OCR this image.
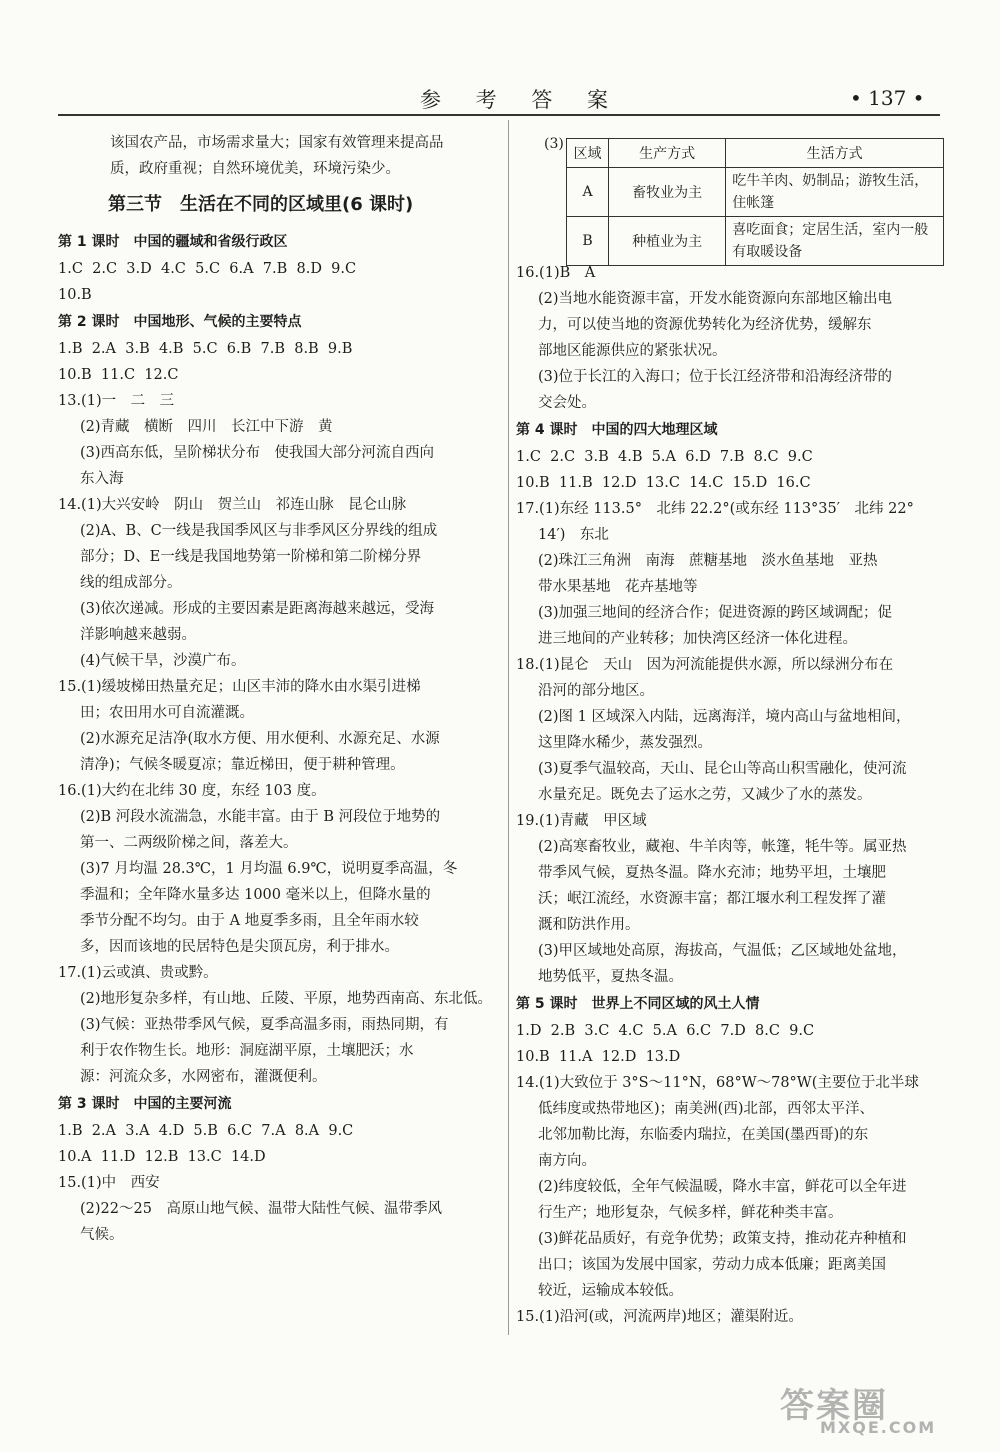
参 考 答 案	• 137 •
该国农产品，市场需求量大；国家有效管理来提高品
质，政府重视；自然环境优美，环境污染少。
第三节　生活在不同的区域里(6 课时)
第 1 课时　中国的疆域和省级行政区
1.C  2.C  3.D  4.C  5.C  6.A  7.B  8.D  9.C
10.B
第 2 课时　中国地形、气候的主要特点
1.B  2.A  3.B  4.B  5.C  6.B  7.B  8.B  9.B
10.B  11.C  12.C
13.(1)一　二　三
(2)青藏　横断　四川　长江中下游　黄
(3)西高东低，呈阶梯状分布　使我国大部分河流自西向
东入海
14.(1)大兴安岭　阴山　贺兰山　祁连山脉　昆仑山脉
(2)A、B、C一线是我国季风区与非季风区分界线的组成
部分；D、E一线是我国地势第一阶梯和第二阶梯分界
线的组成部分。
(3)依次递减。形成的主要因素是距离海越来越远，受海
洋影响越来越弱。
(4)气候干旱，沙漠广布。
15.(1)缓坡梯田热量充足；山区丰沛的降水由水渠引进梯
田；农田用水可自流灌溉。
(2)水源充足洁净(取水方便、用水便利、水源充足、水源
清净)；气候冬暖夏凉；靠近梯田，便于耕种管理。
16.(1)大约在北纬 30 度，东经 103 度。
(2)B 河段水流湍急，水能丰富。由于 B 河段位于地势的
第一、二两级阶梯之间，落差大。
(3)7 月均温 28.3℃，1 月均温 6.9℃，说明夏季高温，冬
季温和；全年降水量多达 1000 毫米以上，但降水量的
季节分配不均匀。由于 A 地夏季多雨，且全年雨水较
多，因而该地的民居特色是尖顶瓦房，利于排水。
17.(1)云或滇、贵或黔。
(2)地形复杂多样，有山地、丘陵、平原，地势西南高、东北低。
(3)气候：亚热带季风气候，夏季高温多雨，雨热同期，有
利于农作物生长。地形：洞庭湖平原，土壤肥沃；水
源：河流众多，水网密布，灌溉便利。
第 3 课时　中国的主要河流
1.B  2.A  3.A  4.D  5.B  6.C  7.A  8.A  9.C
10.A  11.D  12.B  13.C  14.D
15.(1)中　西安
(2)22～25　高原山地气候、温带大陆性气候、温带季风
气候。
(3)
区域	生产方式	生活方式
A	畜牧业为主	吃牛羊肉、奶制品；游牧生活，
住帐篷

B	种植业为主	喜吃面食；定居生活，室内一般
有取暖设备
16.(1)B　A
(2)当地水能资源丰富，开发水能资源向东部地区输出电
力，可以使当地的资源优势转化为经济优势，缓解东
部地区能源供应的紧张状况。
(3)位于长江的入海口；位于长江经济带和沿海经济带的
交会处。
第 4 课时　中国的四大地理区域
1.C  2.C  3.B  4.B  5.A  6.D  7.B  8.C  9.C
10.B  11.B  12.D  13.C  14.C  15.D  16.C
17.(1)东经 113.5°　北纬 22.2°(或东经 113°35′　北纬 22°
14′)　东北
(2)珠江三角洲　南海　蔗糖基地　淡水鱼基地　亚热
带水果基地　花卉基地等
(3)加强三地间的经济合作；促进资源的跨区域调配；促
进三地间的产业转移；加快湾区经济一体化进程。
18.(1)昆仑　天山　因为河流能提供水源，所以绿洲分布在
沿河的部分地区。
(2)图 1 区域深入内陆，远离海洋，境内高山与盆地相间，
这里降水稀少，蒸发强烈。
(3)夏季气温较高，天山、昆仑山等高山积雪融化，使河流
水量充足。既免去了运水之劳，又减少了水的蒸发。
19.(1)青藏　甲区域
(2)高寒畜牧业，藏袍、牛羊肉等，帐篷，牦牛等。属亚热
带季风气候，夏热冬温。降水充沛；地势平坦，土壤肥
沃；岷江流经，水资源丰富；都江堰水利工程发挥了灌
溉和防洪作用。
(3)甲区域地处高原，海拔高，气温低；乙区域地处盆地，
地势低平，夏热冬温。
第 5 课时　世界上不同区域的风土人情
1.D  2.B  3.C  4.C  5.A  6.C  7.D  8.C  9.C
10.B  11.A  12.D  13.D
14.(1)大致位于 3°S～11°N，68°W～78°W(主要位于北半球
低纬度或热带地区)；南美洲(西)北部，西邻太平洋、
北邻加勒比海，东临委内瑞拉，在美国(墨西哥)的东
南方向。
(2)纬度较低，全年气候温暖，降水丰富，鲜花可以全年进
行生产；地形复杂，气候多样，鲜花种类丰富。
(3)鲜花品质好，有竞争优势；政策支持，推动花卉种植和
出口；该国为发展中国家，劳动力成本低廉；距离美国
较近，运输成本较低。
15.(1)沿河(或，河流两岸)地区；灌渠附近。
答案圈
MXQE.COM
